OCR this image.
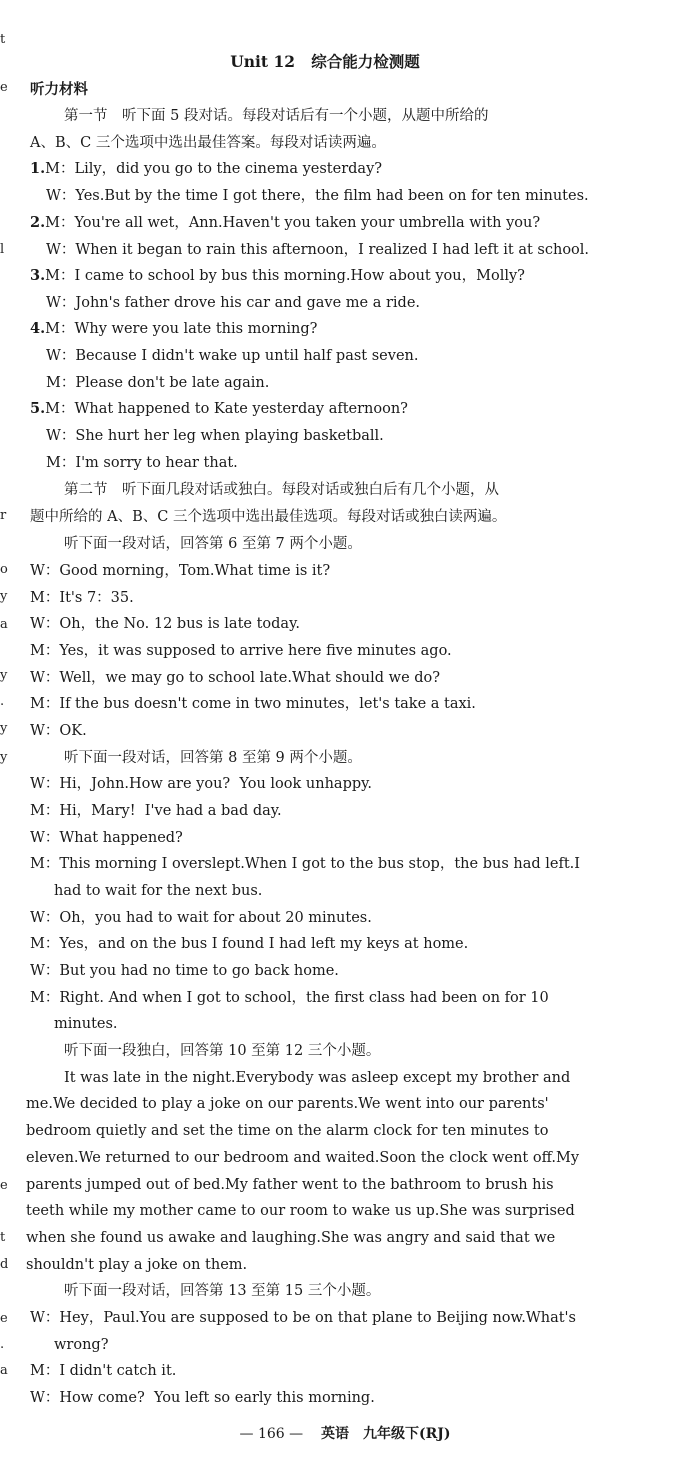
t
e
l
r
o
y
a
y
.
y
y
e
t
d
e
.
a
Unit 12   综合能力检测题
听力材料
第一节　听下面 5 段对话。每段对话后有一个小题，从题中所给的
A、B、C 三个选项中选出最佳答案。每段对话读两遍。
1.M：Lily，did you go to the cinema yesterday?
W：Yes.But by the time I got there，the film had been on for ten minutes.
2.M：You're all wet，Ann.Haven't you taken your umbrella with you?
W：When it began to rain this afternoon，I realized I had left it at school.
3.M：I came to school by bus this morning.How about you，Molly?
W：John's father drove his car and gave me a ride.
4.M：Why were you late this morning?
W：Because I didn't wake up until half past seven.
M：Please don't be late again.
5.M：What happened to Kate yesterday afternoon?
W：She hurt her leg when playing basketball.
M：I'm sorry to hear that.
第二节　听下面几段对话或独白。每段对话或独白后有几个小题，从
题中所给的 A、B、C 三个选项中选出最佳选项。每段对话或独白读两遍。
听下面一段对话，回答第 6 至第 7 两个小题。
W：Good morning，Tom.What time is it?
M：It's 7：35.
W：Oh，the No. 12 bus is late today.
M：Yes，it was supposed to arrive here five minutes ago.
W：Well，we may go to school late.What should we do?
M：If the bus doesn't come in two minutes，let's take a taxi.
W：OK.
听下面一段对话，回答第 8 至第 9 两个小题。
W：Hi，John.How are you?  You look unhappy.
M：Hi，Mary!  I've had a bad day.
W：What happened?
M：This morning I overslept.When I got to the bus stop，the bus had left.I
had to wait for the next bus.
W：Oh，you had to wait for about 20 minutes.
M：Yes，and on the bus I found I had left my keys at home.
W：But you had no time to go back home.
M：Right. And when I got to school，the first class had been on for 10
minutes.
听下面一段独白，回答第 10 至第 12 三个小题。
It was late in the night.Everybody was asleep except my brother and
me.We decided to play a joke on our parents.We went into our parents'
bedroom quietly and set the time on the alarm clock for ten minutes to
eleven.We returned to our bedroom and waited.Soon the clock went off.My
parents jumped out of bed.My father went to the bathroom to brush his
teeth while my mother came to our room to wake us up.She was surprised
when she found us awake and laughing.She was angry and said that we
shouldn't play a joke on them.
听下面一段对话，回答第 13 至第 15 三个小题。
W：Hey，Paul.You are supposed to be on that plane to Beijing now.What's
wrong?
M：I didn't catch it.
W：How come?  You left so early this morning.
— 166 — 英语　九年级下(RJ)
